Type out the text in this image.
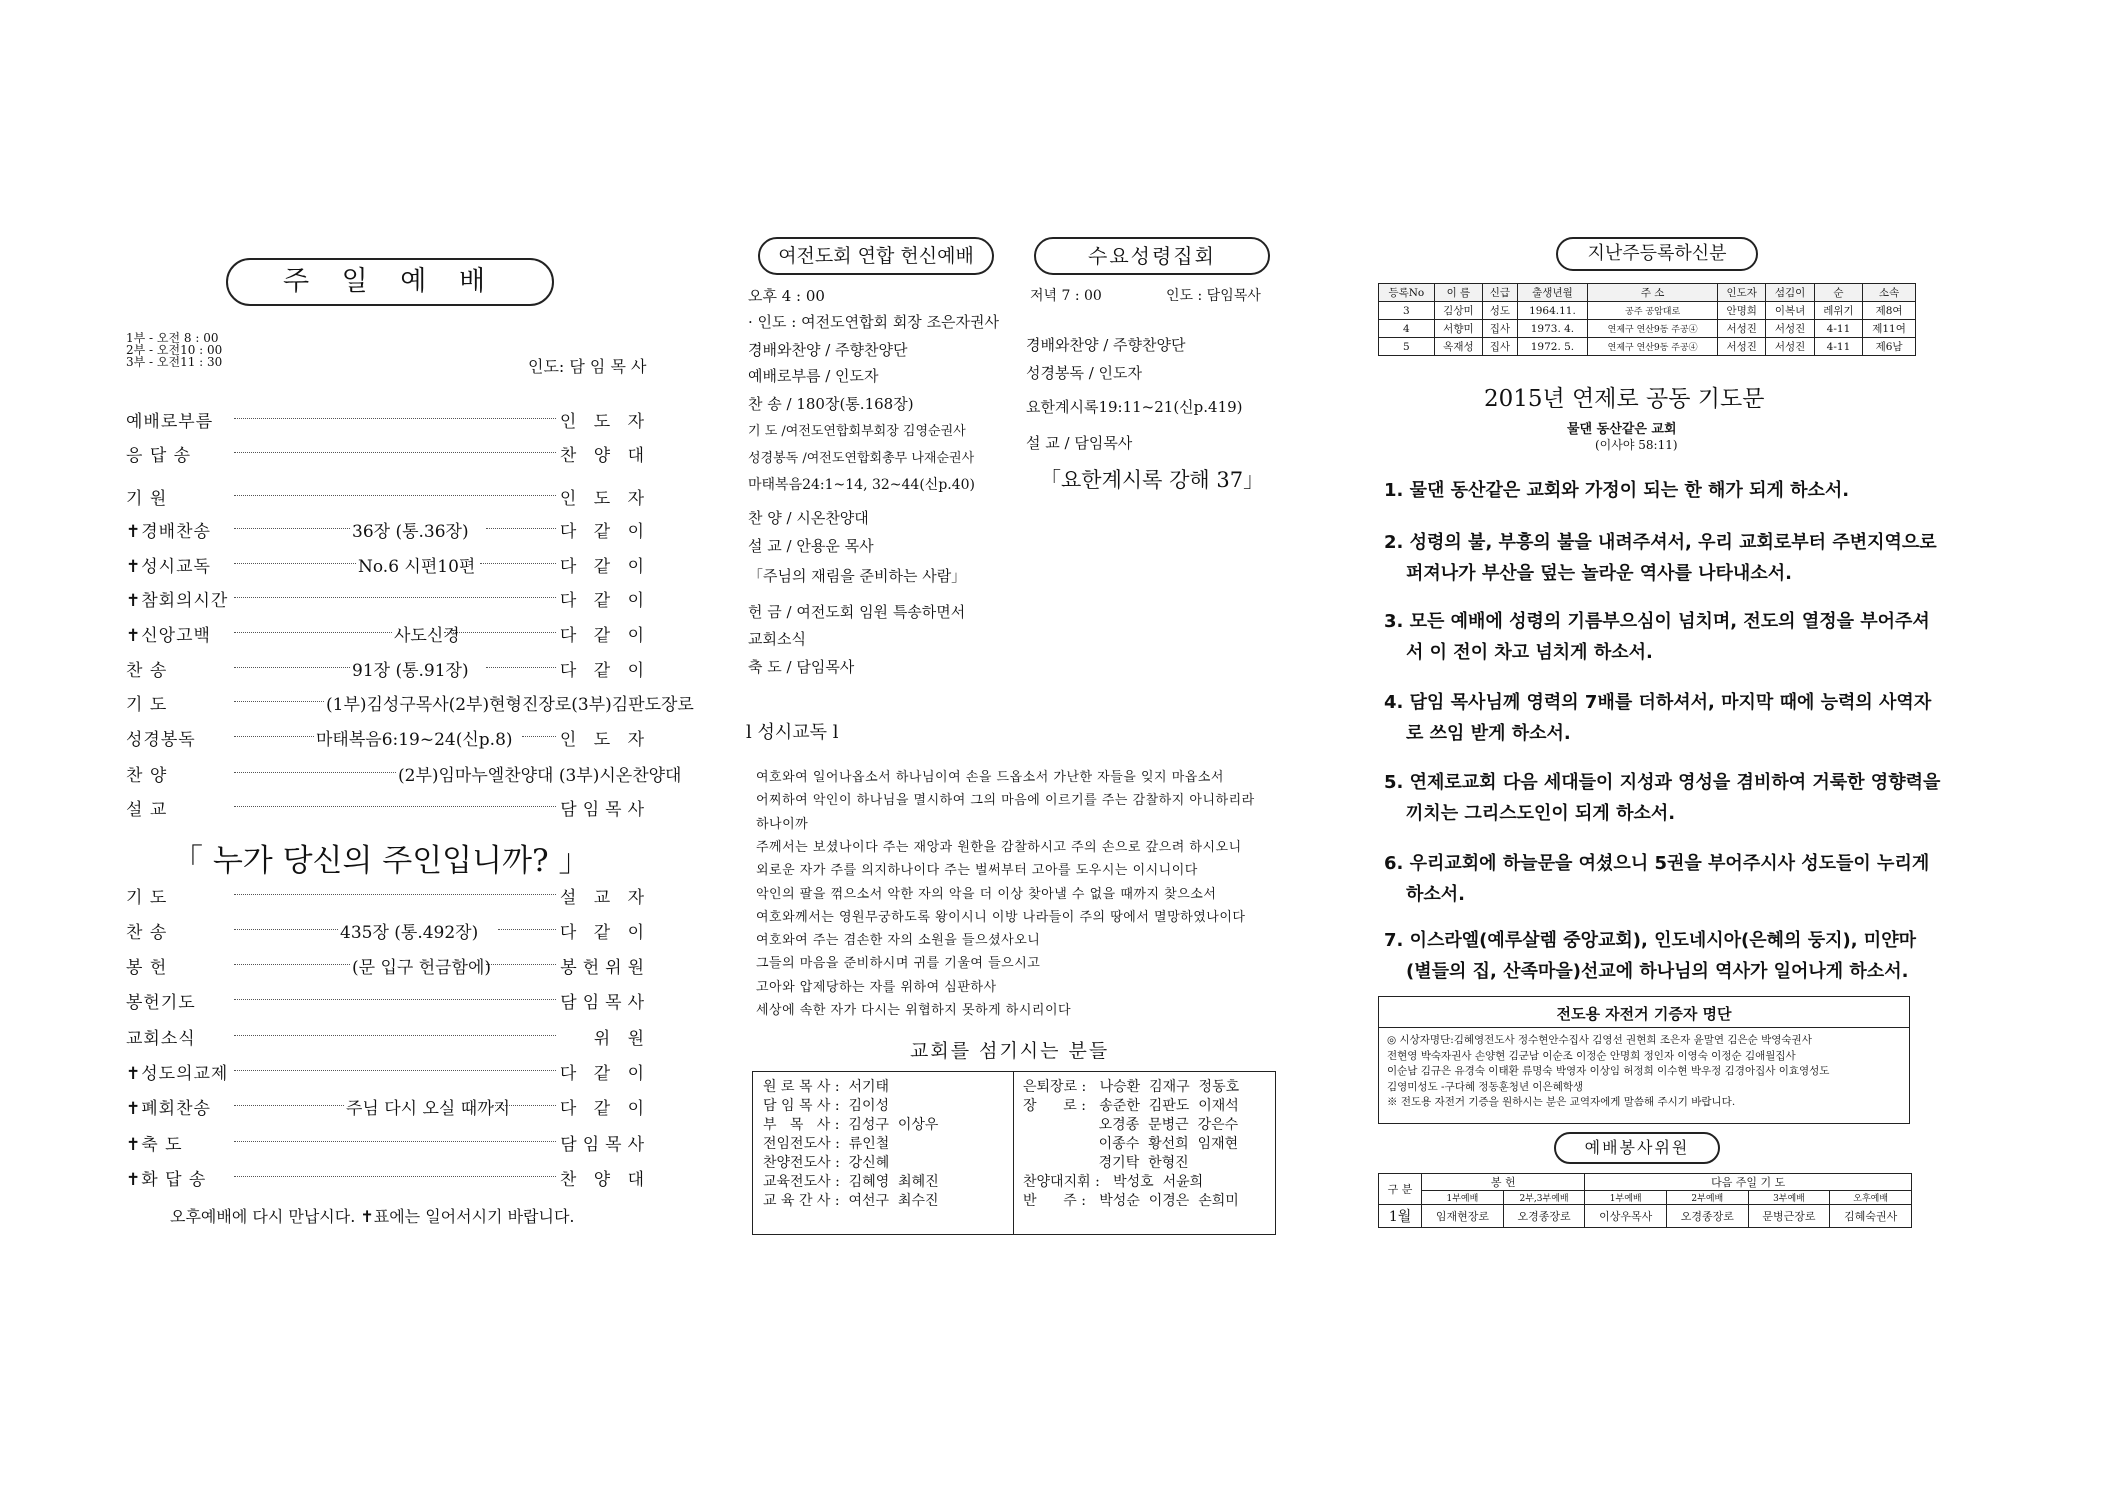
주 일 예 배
1부 - 오전 8 : 00
2부 - 오전10 : 00
3부 - 오전11 : 30	인도: 담 임 목 사
예배로부름	인 도 자
응 답 송	찬 양 대
기 원	인 도 자
✝경배찬송	36장 (통.36장)	다 같 이
✝성시교독	No.6 시편10편	다 같 이
✝참회의시간	다 같 이
✝신앙고백	사도신경	다 같 이
찬 송	91장 (통.91장)	다 같 이
기 도	(1부)김성구목사(2부)현형진장로(3부)김판도장로
성경봉독	마태복음6:19~24(신p.8)	인 도 자
찬 양	(2부)임마누엘찬양대 (3부)시온찬양대
설 교	담임목사
「 누가 당신의 주인입니까? 」
기 도	설 교 자
찬 송	435장 (통.492장)	다 같 이
봉 헌	(문 입구 헌금함에)	봉헌위원
봉헌기도	담임목사
교회소식	위 원
✝성도의교제	다 같 이
✝폐회찬송	주님 다시 오실 때까지	다 같 이
✝축 도	담임목사
✝화 답 송	찬 양 대
오후예배에 다시 만납시다. ✝표에는 일어서시기 바랍니다.
여전도회 연합 헌신예배	수요성령집회
오후 4 : 00
· 인도 : 여전도연합회 회장 조은자권사
경배와찬양 / 주향찬양단
예배로부름 / 인도자
찬 송 / 180장(통.168장)
기 도 /여전도연합회부회장 김영순권사
성경봉독 /여전도연합회총무 나재순권사
마태복음24:1~14, 32~44(신p.40)
찬 양 / 시온찬양대
설 교 / 안용운 목사
「주님의 재림을 준비하는 사람」
헌 금 / 여전도회 임원 특송하면서
교회소식
축 도 / 담임목사
저녁 7 : 00	인도 : 담임목사
경배와찬양 / 주향찬양단
성경봉독 / 인도자
요한계시록19:11~21(신p.419)
설 교 / 담임목사
「요한계시록 강해 37」
l 성시교독 l
여호와여 일어나옵소서 하나님이여 손을 드옵소서 가난한 자들을 잊지 마옵소서
어찌하여 악인이 하나님을 멸시하여 그의 마음에 이르기를 주는 감찰하지 아니하리라
하나이까
주께서는 보셨나이다 주는 재앙과 원한을 감찰하시고 주의 손으로 갚으려 하시오니
외로운 자가 주를 의지하나이다 주는 벌써부터 고아를 도우시는 이시니이다
악인의 팔을 꺾으소서 악한 자의 악을 더 이상 찾아낼 수 없을 때까지 찾으소서
여호와께서는 영원무궁하도록 왕이시니 이방 나라들이 주의 땅에서 멸망하였나이다
여호와여 주는 겸손한 자의 소원을 들으셨사오니
그들의 마음을 준비하시며 귀를 기울여 들으시고
고아와 압제당하는 자를 위하여 심판하사
세상에 속한 자가 다시는 위협하지 못하게 하시리이다
교회를 섬기시는 분들
원 로 목 사 :  서기태
담 임 목 사 :  김이성
부   목   사 :  김성구  이상우
전임전도사 :  류인철
찬양전도사 :  강신혜
교육전도사 :  김혜영  최혜진
교 육 간 사 :  여선구  최수진
은퇴장로 :   나승환  김재구  정동호
장      로 :   송준한  김판도  이재석
오경종  문병근  강은수
이종수  황선희  임재현
경기탁  한형진
찬양대지휘 :   박성호  서윤희
반      주 :   박성순  이경은  손희미
지난주등록하신분
등록No	이 름	신급	출생년월	주 소	인도자	섬김이	순	소속
3	김상미	성도	1964.11.	공주 공암대로	안명희	이복녀	레위기	제8여
4	서향미	집사	1973. 4.	연제구 연산9동 주공④	서성진	서성진	4-11	제11여
5	옥재성	집사	1972. 5.	연제구 연산9동 주공④	서성진	서성진	4-11	제6남
2015년 연제로 공동 기도문
물댄 동산같은 교회
(이사야 58:11)
1. 물댄 동산같은 교회와 가정이 되는 한 해가 되게 하소서.
2. 성령의 불, 부흥의 불을 내려주셔서, 우리 교회로부터 주변지역으로 퍼져나가 부산을 덮는 놀라운 역사를 나타내소서.
3. 모든 예배에 성령의 기름부으심이 넘치며, 전도의 열정을 부어주셔서 이 전이 차고 넘치게 하소서.
4. 담임 목사님께 영력의 7배를 더하셔서, 마지막 때에 능력의 사역자로 쓰임 받게 하소서.
5. 연제로교회 다음 세대들이 지성과 영성을 겸비하여 거룩한 영향력을 끼치는 그리스도인이 되게 하소서.
6. 우리교회에 하늘문을 여셨으니 5권을 부어주시사 성도들이 누리게 하소서.
7. 이스라엘(예루살렘 중앙교회), 인도네시아(은혜의 둥지), 미얀마(별들의 집, 산족마을)선교에 하나님의 역사가 일어나게 하소서.
전도용 자전거 기증자 명단
◎ 시상자명단:김혜영전도사 정수현안수집사 김영선 권현희 조은자 윤말연 김은순 박영숙권사
전현영 박숙자권사 손양현 김군남 이순조 이정순 안명희 정인자 이영숙 이정순 김애월집사
이순남 김규은 유경숙 이태환 류명숙 박영자 이상임 허정희 이수현 박우정 김경아집사 이효영성도
김영미성도 -구다혜 정동훈청년 이은혜학생
※ 전도용 자전거 기증을 원하시는 분은 교역자에게 말씀해 주시기 바랍니다.
예배봉사위원
구 분	봉 헌		다음 주일 기 도			
	1부예배	2부,3부예배	1부예배	2부예배	3부예배	오후예배
1월	임재현장로	오경종장로	이상우목사	오경종장로	문병근장로	김혜숙권사
